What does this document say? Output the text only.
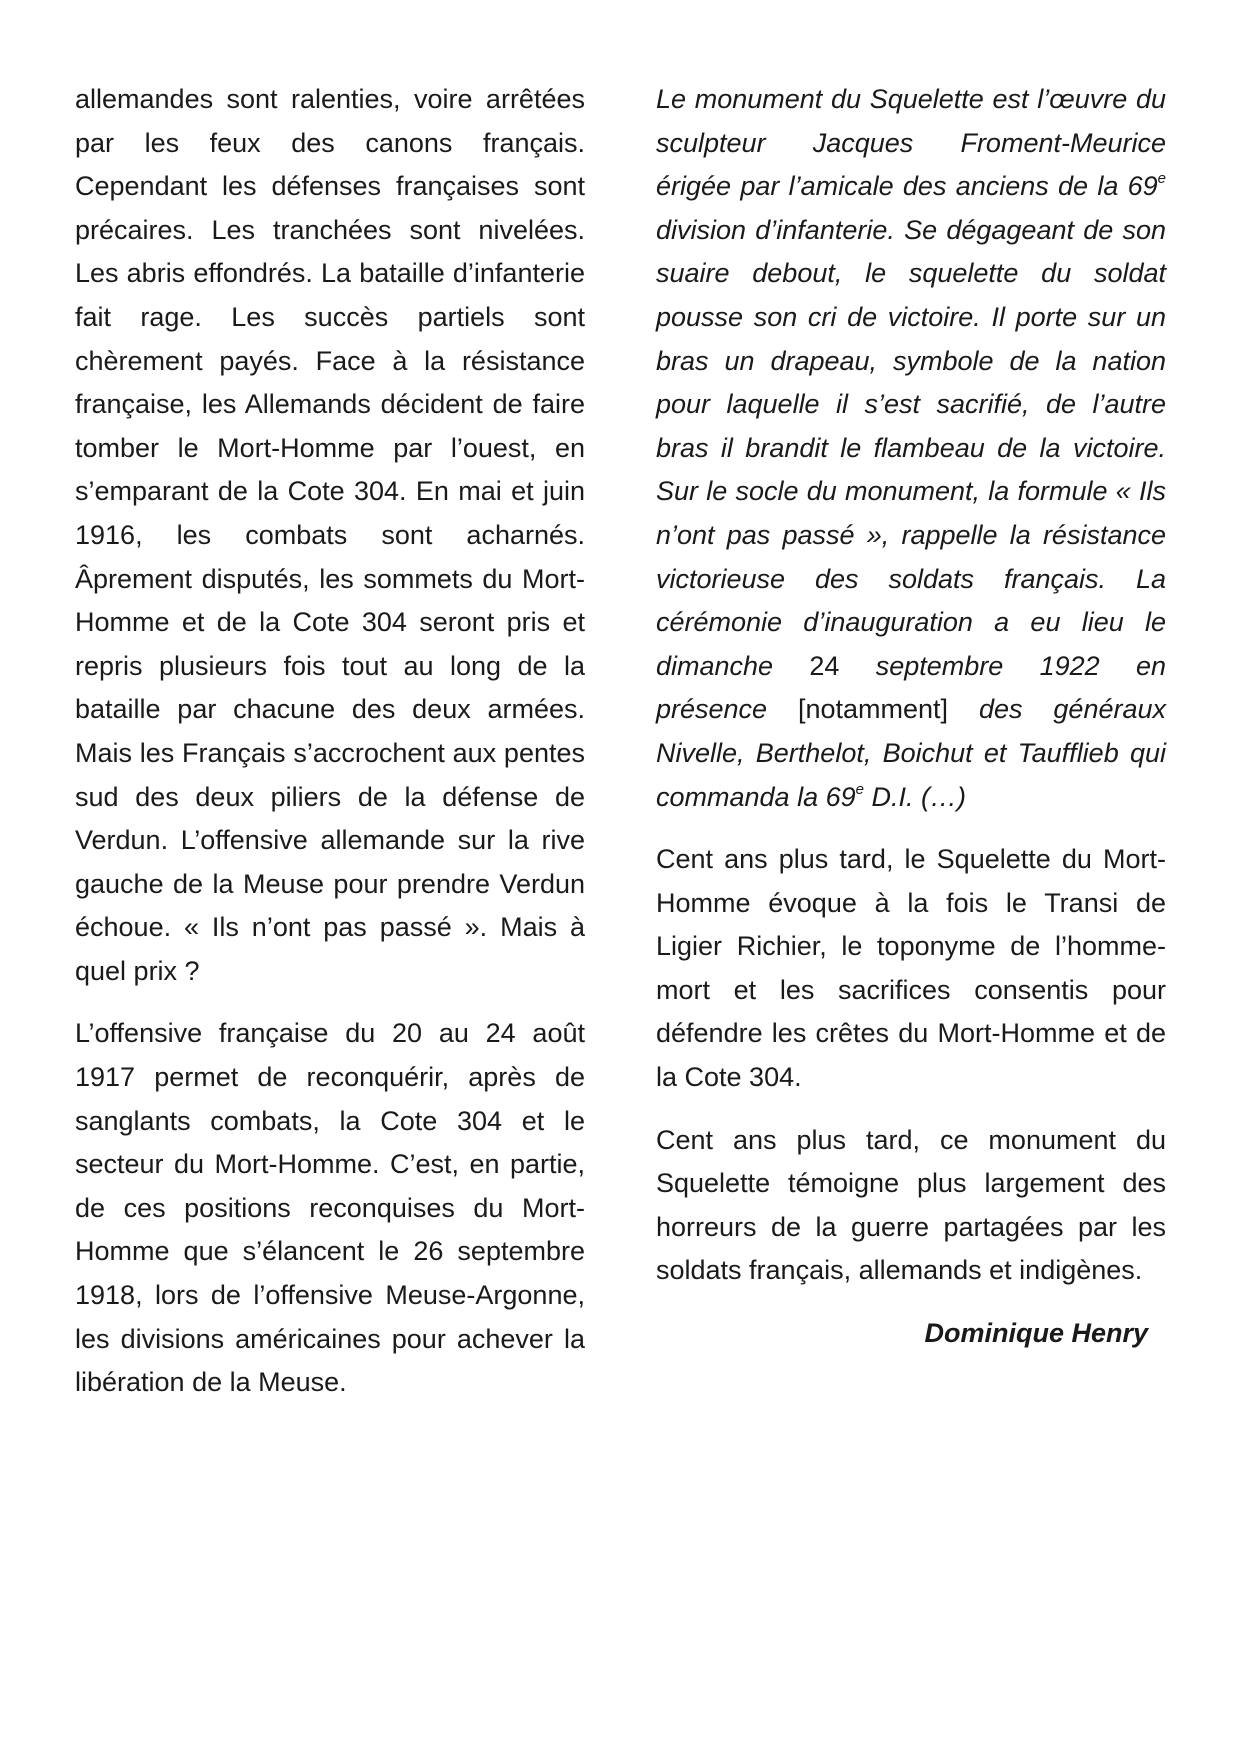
allemandes sont ralenties, voire arrêtées par les feux des canons français. Cependant les défenses françaises sont précaires. Les tranchées sont nivelées. Les abris effondrés. La bataille d’infanterie fait rage. Les succès partiels sont chèrement payés. Face à la résistance française, les Allemands décident de faire tomber le Mort-Homme par l’ouest, en s’emparant de la Cote 304. En mai et juin 1916, les combats sont acharnés. Âprement disputés, les sommets du Mort-Homme et de la Cote 304 seront pris et repris plusieurs fois tout au long de la bataille par chacune des deux armées. Mais les Français s’accrochent aux pentes sud des deux piliers de la défense de Verdun. L’offensive allemande sur la rive gauche de la Meuse pour prendre Verdun échoue. « Ils n’ont pas passé ». Mais à quel prix ?

L’offensive française du 20 au 24 août 1917 permet de reconquérir, après de sanglants combats, la Cote 304 et le secteur du Mort-Homme. C’est, en partie, de ces positions reconquises du Mort-Homme que s’élancent le 26 septembre 1918, lors de l’offensive Meuse-Argonne, les divisions américaines pour achever la libération de la Meuse.

Le monument du Squelette est l’œuvre du sculpteur Jacques Froment-Meurice érigée par l’amicale des anciens de la 69e division d’infanterie. Se dégageant de son suaire debout, le squelette du soldat pousse son cri de victoire. Il porte sur un bras un drapeau, symbole de la nation pour laquelle il s’est sacrifié, de l’autre bras il brandit le flambeau de la victoire. Sur le socle du monument, la formule « Ils n’ont pas passé », rappelle la résistance victorieuse des soldats français. La cérémonie d’inauguration a eu lieu le dimanche 24 septembre 1922 en présence [notamment] des généraux Nivelle, Berthelot, Boichut et Taufflieb qui commanda la 69e D.I. (…)

Cent ans plus tard, le Squelette du Mort-Homme évoque à la fois le Transi de Ligier Richier, le toponyme de l’homme-mort et les sacrifices consentis pour défendre les crêtes du Mort-Homme et de la Cote 304.

Cent ans plus tard, ce monument du Squelette témoigne plus largement des horreurs de la guerre partagées par les soldats français, allemands et indigènes.

Dominique Henry
